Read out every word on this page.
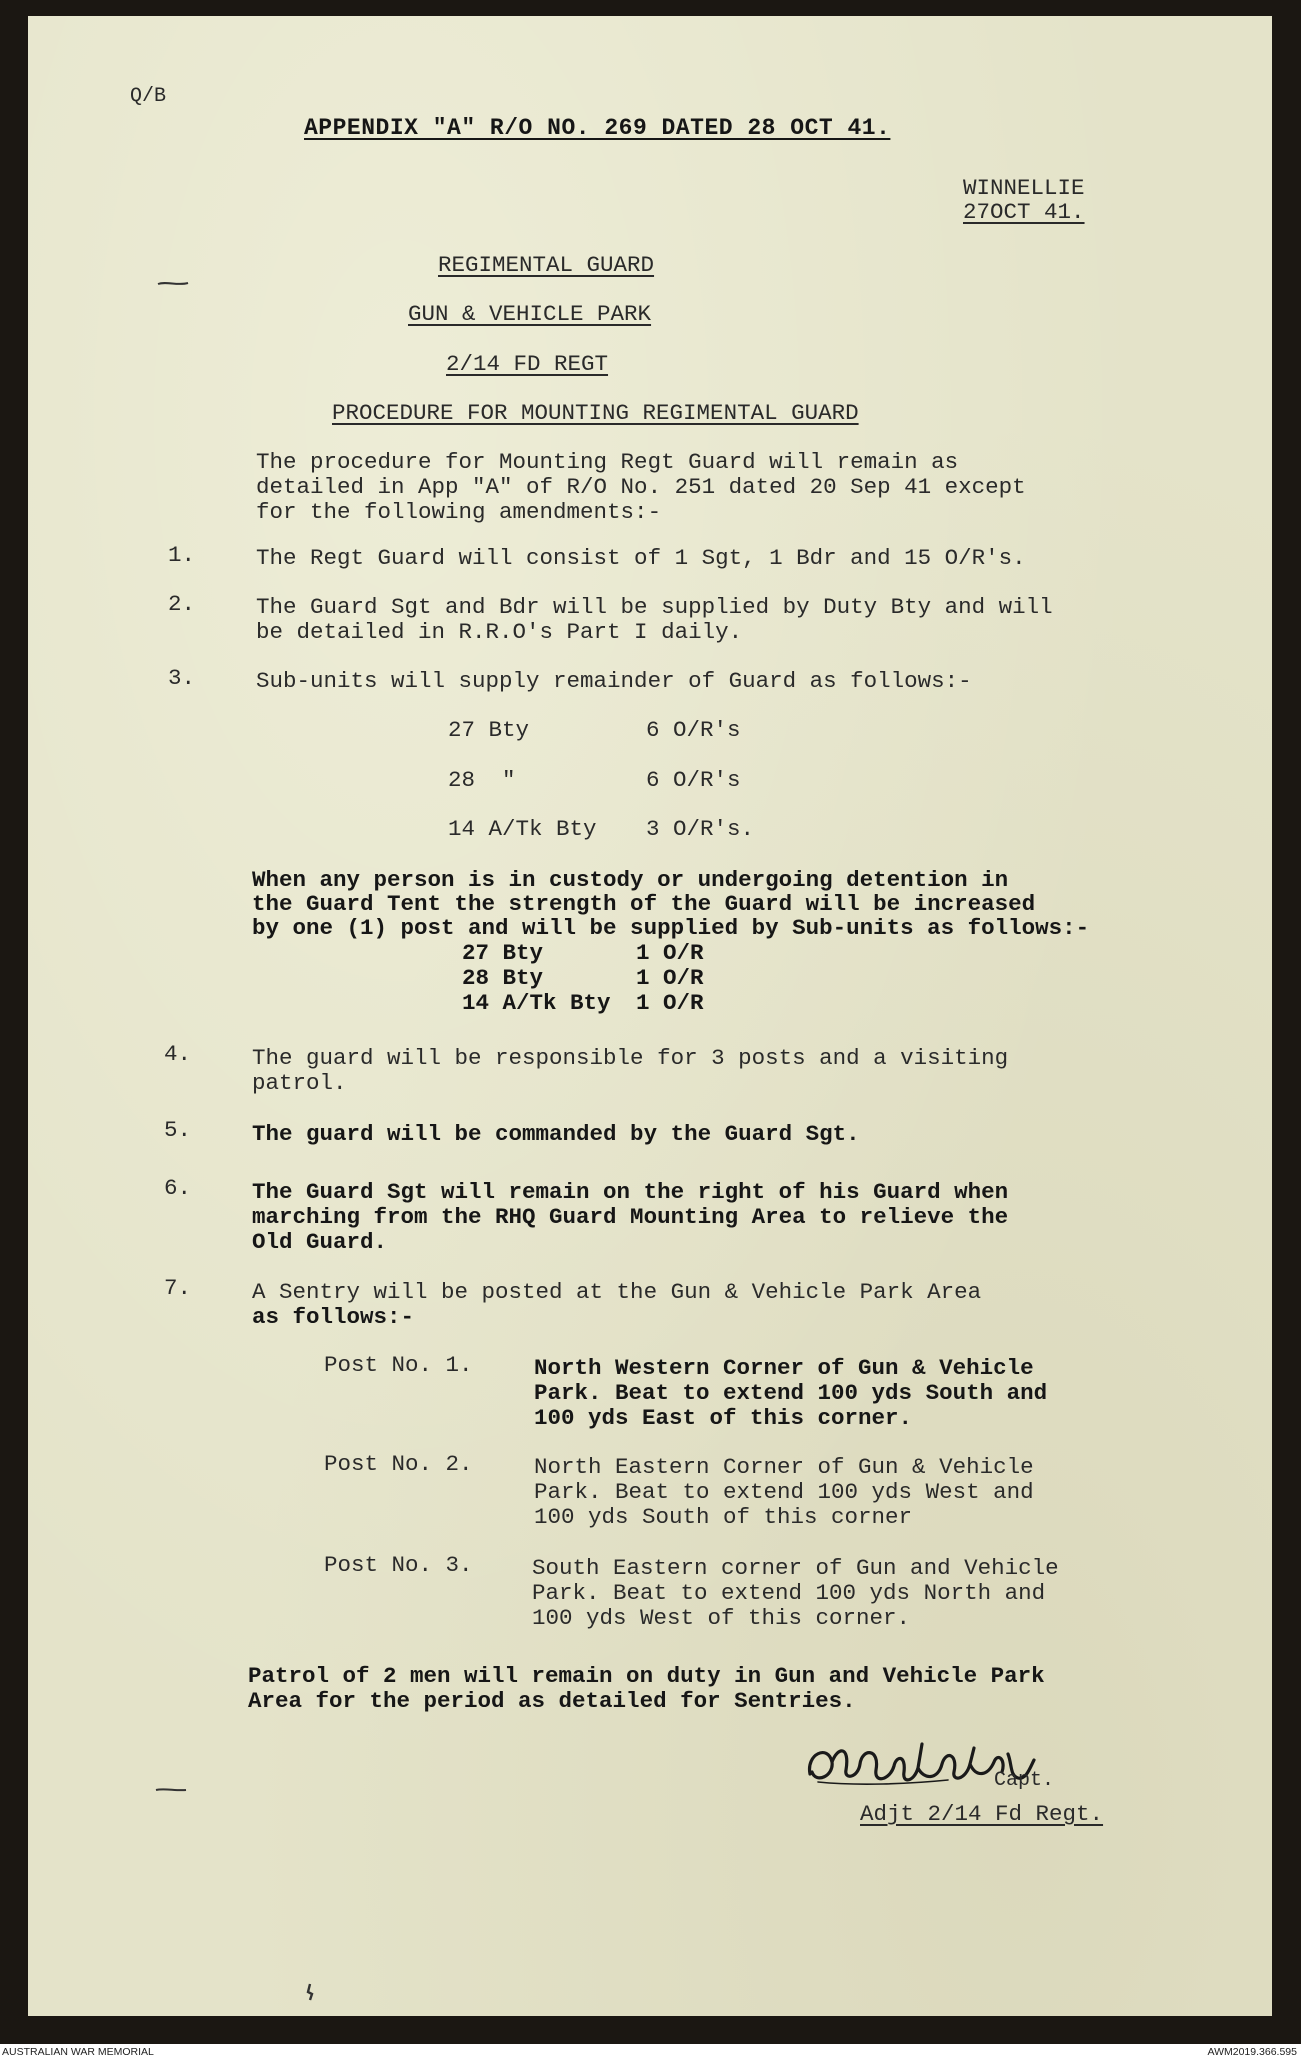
Q/B
APPENDIX "A" R/O NO. 269 DATED 28 OCT 41.
WINNELLIE
27OCT 41.
REGIMENTAL GUARD
GUN & VEHICLE PARK
2/14 FD REGT
PROCEDURE FOR MOUNTING REGIMENTAL GUARD
The procedure for Mounting Regt Guard will remain as
detailed in App "A" of R/O No. 251 dated 20 Sep 41 except
for the following amendments:-
1.	The Regt Guard will consist of 1 Sgt, 1 Bdr and 15 O/R's.
2.	The Guard Sgt and Bdr will be supplied by Duty Bty and will
be detailed in R.R.O's Part I daily.
3.	Sub-units will supply remainder of Guard as follows:-
27 Bty	6 O/R's
28  "	6 O/R's
14 A/Tk Bty 3 O/R's.
When any person is in custody or undergoing detention in
the Guard Tent the strength of the Guard will be increased
by one (1) post and will be supplied by Sub-units as follows:-
27 Bty	1 O/R
28 Bty	1 O/R
14 A/Tk Bty 1 O/R
4.	The guard will be responsible for 3 posts and a visiting
patrol.
5.	The guard will be commanded by the Guard Sgt.
6.	The Guard Sgt will remain on the right of his Guard when
marching from the RHQ Guard Mounting Area to relieve the
Old Guard.
7.	A Sentry will be posted at the Gun & Vehicle Park Area
as follows:-
Post No. 1.	North Western Corner of Gun & Vehicle
Park. Beat to extend 100 yds South and
100 yds East of this corner.
Post No. 2.	North Eastern Corner of Gun & Vehicle
Park. Beat to extend 100 yds West and
100 yds South of this corner
Post No. 3.	South Eastern corner of Gun and Vehicle
Park. Beat to extend 100 yds North and
100 yds West of this corner.
Patrol of 2 men will remain on duty in Gun and Vehicle Park
Area for the period as detailed for Sentries.
Capt.
Adjt 2/14 Fd Regt.
AUSTRALIAN WAR MEMORIAL	AWM2019.366.595
